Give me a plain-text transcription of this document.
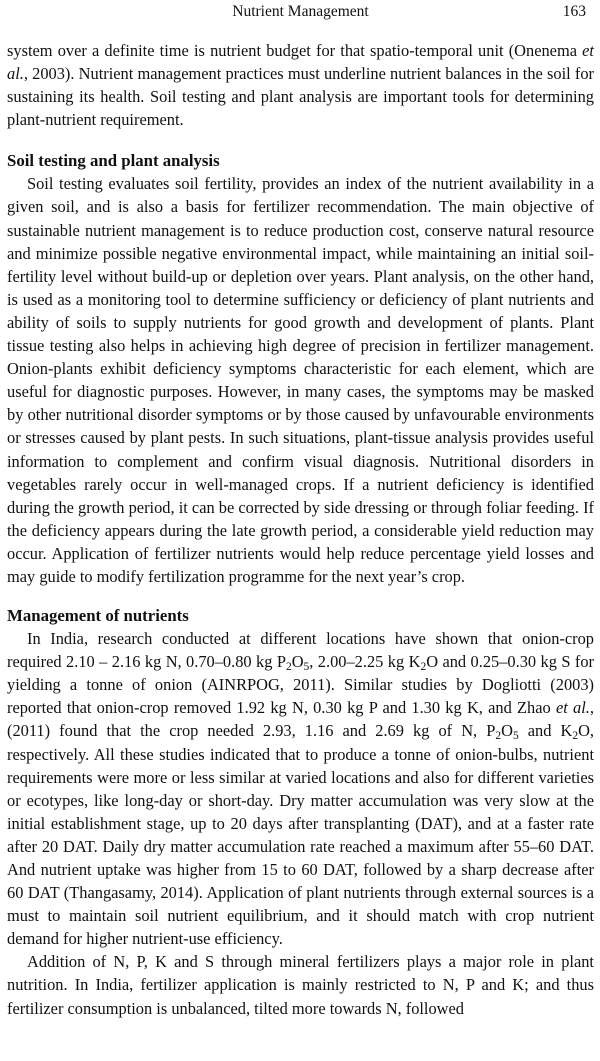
Nutrient Management	163

system over a definite time is nutrient budget for that spatio-temporal unit (Onenema et al., 2003). Nutrient management practices must underline nutrient balances in the soil for sustaining its health. Soil testing and plant analysis are important tools for determining plant-nutrient requirement.

Soil testing and plant analysis

Soil testing evaluates soil fertility, provides an index of the nutrient availability in a given soil, and is also a basis for fertilizer recommendation. The main objective of sustainable nutrient management is to reduce production cost, conserve natural resource and minimize possible negative environmental impact, while maintaining an initial soil-fertility level without build-up or depletion over years. Plant analysis, on the other hand, is used as a monitoring tool to determine sufficiency or deficiency of plant nutrients and ability of soils to supply nutrients for good growth and development of plants. Plant tissue testing also helps in achieving high degree of precision in fertilizer management. Onion-plants exhibit deficiency symptoms characteristic for each element, which are useful for diagnostic purposes. However, in many cases, the symptoms may be masked by other nutritional disorder symptoms or by those caused by unfavourable environments or stresses caused by plant pests. In such situations, plant-tissue analysis provides useful information to complement and confirm visual diagnosis. Nutritional disorders in vegetables rarely occur in well-managed crops. If a nutrient deficiency is identified during the growth period, it can be corrected by side dressing or through foliar feeding. If the deficiency appears during the late growth period, a considerable yield reduction may occur. Application of fertilizer nutrients would help reduce percentage yield losses and may guide to modify fertilization programme for the next year’s crop.

Management of nutrients

In India, research conducted at different locations have shown that onion-crop required 2.10 – 2.16 kg N, 0.70–0.80 kg $P_2O_5$, 2.00–2.25 kg $K_2O$ and 0.25–0.30 kg S for yielding a tonne of onion (AINRPOG, 2011). Similar studies by Dogliotti (2003) reported that onion-crop removed 1.92 kg N, 0.30 kg P and 1.30 kg K, and Zhao et al., (2011) found that the crop needed 2.93, 1.16 and 2.69 kg of N, $P_2O_5$ and $K_2O$, respectively. All these studies indicated that to produce a tonne of onion-bulbs, nutrient requirements were more or less similar at varied locations and also for different varieties or ecotypes, like long-day or short-day. Dry matter accumulation was very slow at the initial establishment stage, up to 20 days after transplanting (DAT), and at a faster rate after 20 DAT. Daily dry matter accumulation rate reached a maximum after 55–60 DAT. And nutrient uptake was higher from 15 to 60 DAT, followed by a sharp decrease after 60 DAT (Thangasamy, 2014). Application of plant nutrients through external sources is a must to maintain soil nutrient equilibrium, and it should match with crop nutrient demand for higher nutrient-use efficiency.

Addition of N, P, K and S through mineral fertilizers plays a major role in plant nutrition. In India, fertilizer application is mainly restricted to N, P and K; and thus fertilizer consumption is unbalanced, tilted more towards N, followed
